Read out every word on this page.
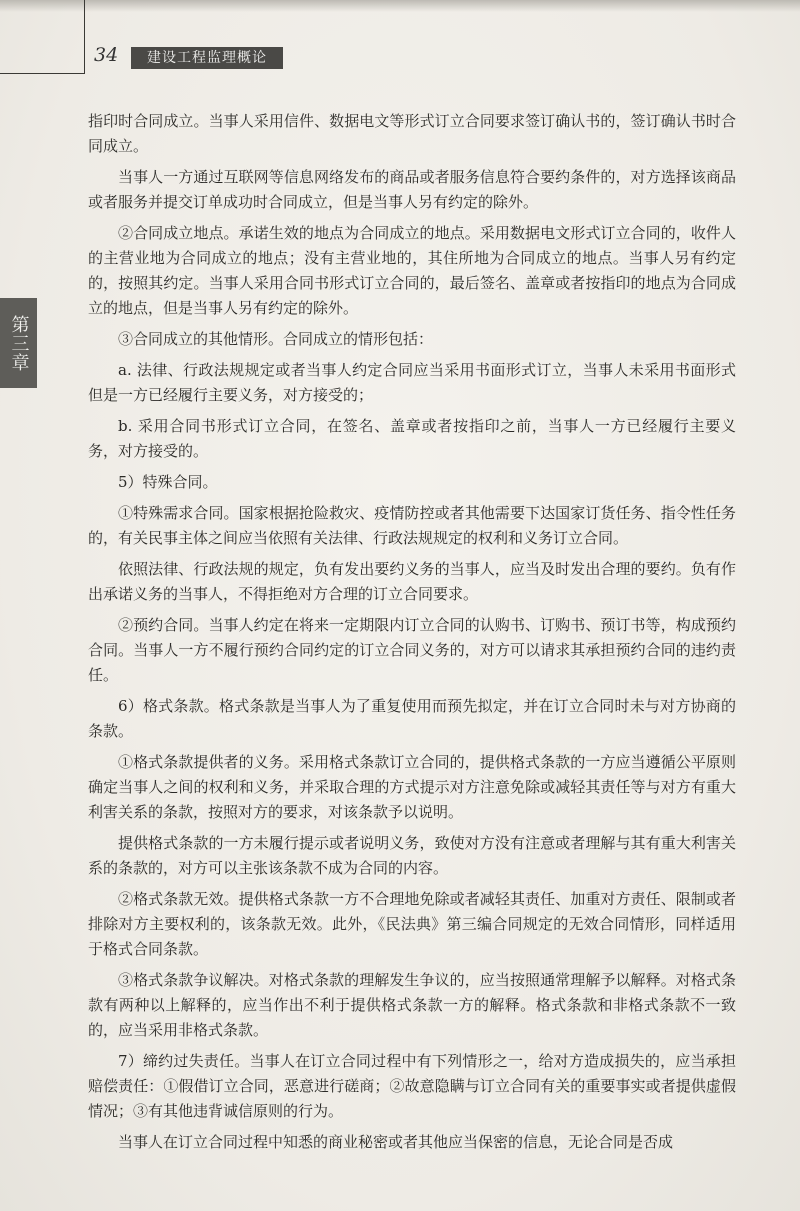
34	建设工程监理概论
第三章

指印时合同成立。当事人采用信件、数据电文等形式订立合同要求签订确认书的，签订确认书时合同成立。

当事人一方通过互联网等信息网络发布的商品或者服务信息符合要约条件的，对方选择该商品或者服务并提交订单成功时合同成立，但是当事人另有约定的除外。

②合同成立地点。承诺生效的地点为合同成立的地点。采用数据电文形式订立合同的，收件人的主营业地为合同成立的地点；没有主营业地的，其住所地为合同成立的地点。当事人另有约定的，按照其约定。当事人采用合同书形式订立合同的，最后签名、盖章或者按指印的地点为合同成立的地点，但是当事人另有约定的除外。

③合同成立的其他情形。合同成立的情形包括：

a. 法律、行政法规规定或者当事人约定合同应当采用书面形式订立，当事人未采用书面形式但是一方已经履行主要义务，对方接受的；

b. 采用合同书形式订立合同，在签名、盖章或者按指印之前，当事人一方已经履行主要义务，对方接受的。

5）特殊合同。

①特殊需求合同。国家根据抢险救灾、疫情防控或者其他需要下达国家订货任务、指令性任务的，有关民事主体之间应当依照有关法律、行政法规规定的权利和义务订立合同。

依照法律、行政法规的规定，负有发出要约义务的当事人，应当及时发出合理的要约。负有作出承诺义务的当事人，不得拒绝对方合理的订立合同要求。

②预约合同。当事人约定在将来一定期限内订立合同的认购书、订购书、预订书等，构成预约合同。当事人一方不履行预约合同约定的订立合同义务的，对方可以请求其承担预约合同的违约责任。

6）格式条款。格式条款是当事人为了重复使用而预先拟定，并在订立合同时未与对方协商的条款。

①格式条款提供者的义务。采用格式条款订立合同的，提供格式条款的一方应当遵循公平原则确定当事人之间的权利和义务，并采取合理的方式提示对方注意免除或减轻其责任等与对方有重大利害关系的条款，按照对方的要求，对该条款予以说明。

提供格式条款的一方未履行提示或者说明义务，致使对方没有注意或者理解与其有重大利害关系的条款的，对方可以主张该条款不成为合同的内容。

②格式条款无效。提供格式条款一方不合理地免除或者减轻其责任、加重对方责任、限制或者排除对方主要权利的，该条款无效。此外，《民法典》第三编合同规定的无效合同情形，同样适用于格式合同条款。

③格式条款争议解决。对格式条款的理解发生争议的，应当按照通常理解予以解释。对格式条款有两种以上解释的，应当作出不利于提供格式条款一方的解释。格式条款和非格式条款不一致的，应当采用非格式条款。

7）缔约过失责任。当事人在订立合同过程中有下列情形之一，给对方造成损失的，应当承担赔偿责任：①假借订立合同，恶意进行磋商；②故意隐瞒与订立合同有关的重要事实或者提供虚假情况；③有其他违背诚信原则的行为。

当事人在订立合同过程中知悉的商业秘密或者其他应当保密的信息，无论合同是否成
